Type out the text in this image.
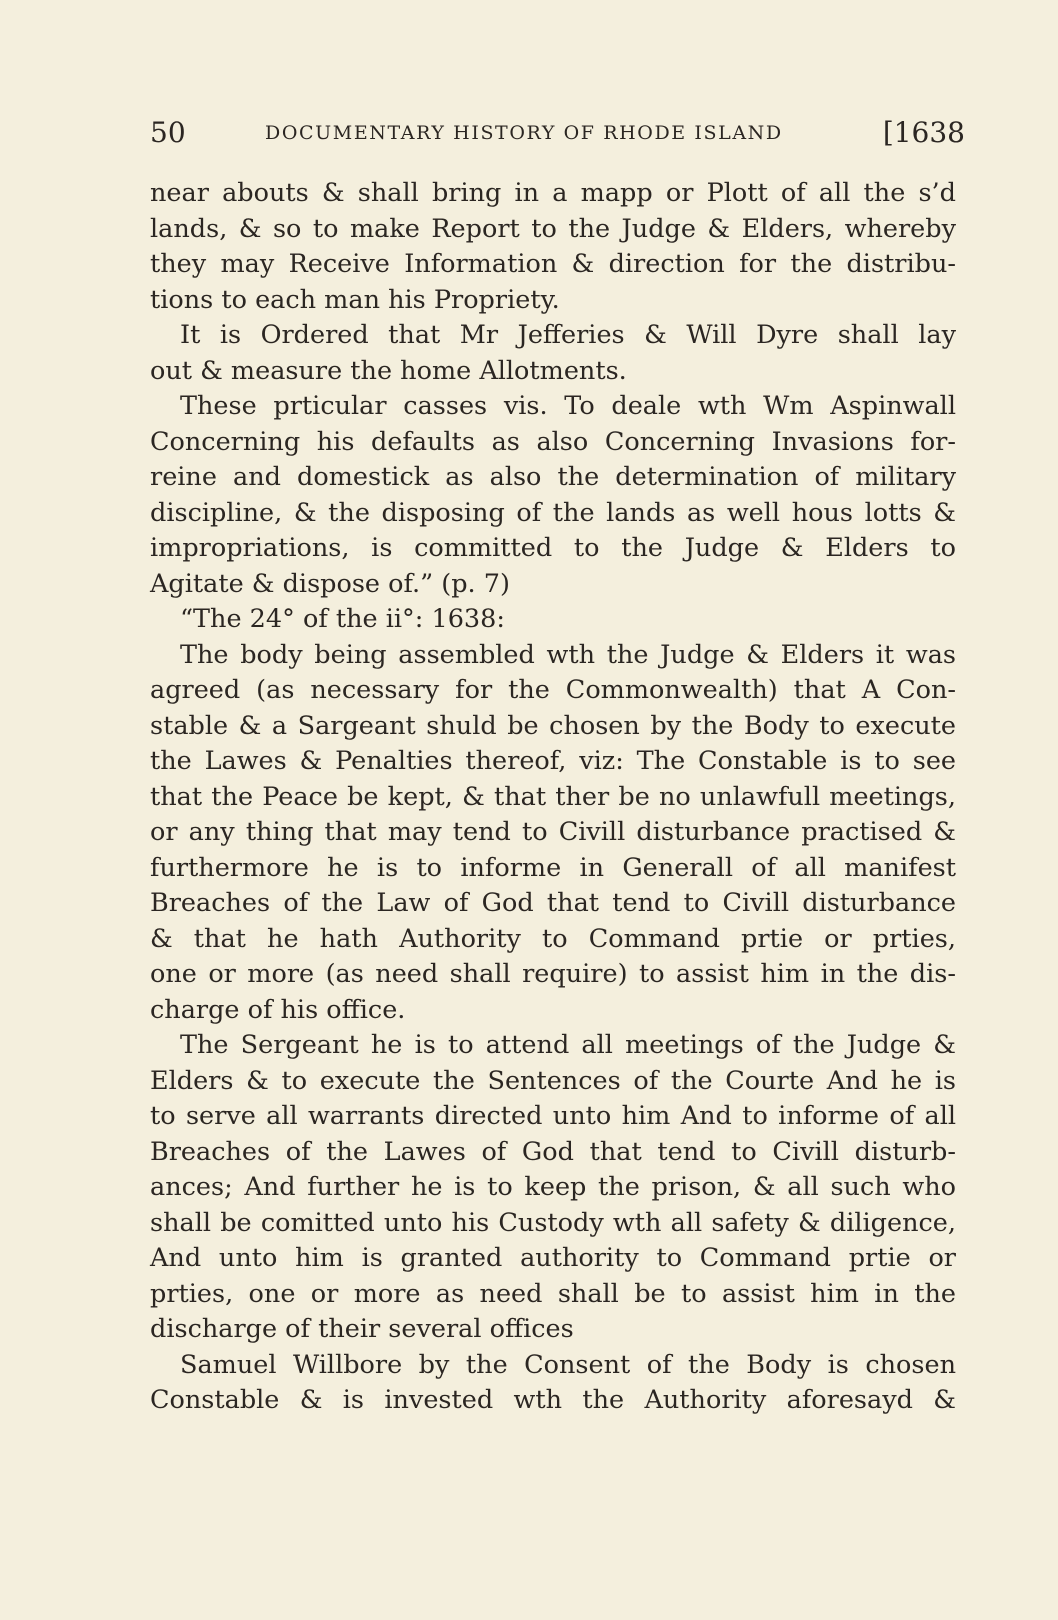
50	DOCUMENTARY HISTORY OF RHODE ISLAND	[1638
near abouts & shall bring in a mapp or Plott of all the s’d
lands, & so to make Report to the Judge & Elders, whereby
they may Receive Information & direction for the distribu-
tions to each man his Propriety.
It is Ordered that Mr Jefferies & Will Dyre shall lay
out & measure the home Allotments.
These prticular casses vis. To deale wth Wm Aspinwall
Concerning his defaults as also Concerning Invasions for-
reine and domestick as also the determination of military
discipline, & the disposing of the lands as well hous lotts &
impropriations, is committed to the Judge & Elders to
Agitate & dispose of.” (p. 7)
“The 24° of the ii°: 1638:
The body being assembled wth the Judge & Elders it was
agreed (as necessary for the Commonwealth) that A Con-
stable & a Sargeant shuld be chosen by the Body to execute
the Lawes & Penalties thereof, viz: The Constable is to see
that the Peace be kept, & that ther be no unlawfull meetings,
or any thing that may tend to Civill disturbance practised &
furthermore he is to informe in Generall of all manifest
Breaches of the Law of God that tend to Civill disturbance
& that he hath Authority to Command prtie or prties,
one or more (as need shall require) to assist him in the dis-
charge of his office.
The Sergeant he is to attend all meetings of the Judge &
Elders & to execute the Sentences of the Courte And he is
to serve all warrants directed unto him And to informe of all
Breaches of the Lawes of God that tend to Civill disturb-
ances; And further he is to keep the prison, & all such who
shall be comitted unto his Custody wth all safety & diligence,
And unto him is granted authority to Command prtie or
prties, one or more as need shall be to assist him in the
discharge of their several offices
Samuel Willbore by the Consent of the Body is chosen
Constable & is invested wth the Authority aforesayd &
